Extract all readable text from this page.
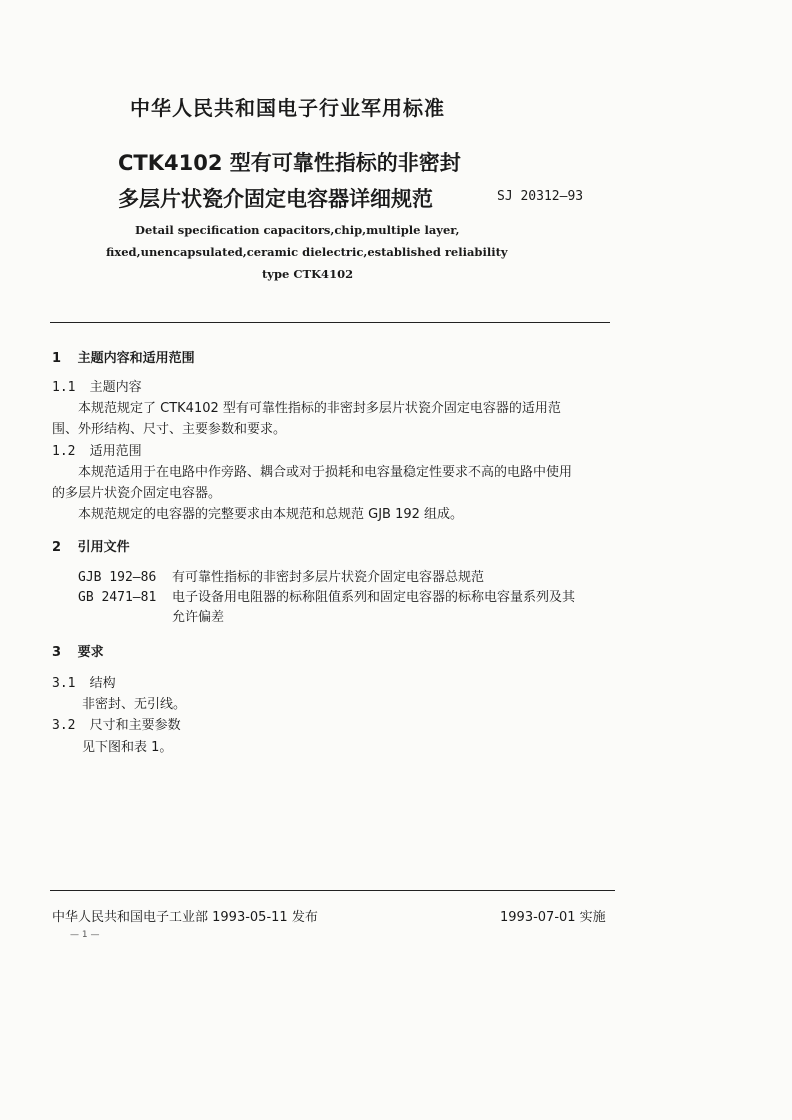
中华人民共和国电子行业军用标准
CTK4102 型有可靠性指标的非密封
多层片状瓷介固定电容器详细规范	SJ 20312—93
Detail specification capacitors,chip,multiple layer,
fixed,unencapsulated,ceramic dielectric,established reliability
type CTK4102
1 主题内容和适用范围
1.1 主题内容
本规范规定了 CTK4102 型有可靠性指标的非密封多层片状瓷介固定电容器的适用范
围、外形结构、尺寸、主要参数和要求。
1.2 适用范围
本规范适用于在电路中作旁路、耦合或对于损耗和电容量稳定性要求不高的电路中使用
的多层片状瓷介固定电容器。
本规范规定的电容器的完整要求由本规范和总规范 GJB 192 组成。
2 引用文件
GJB 192—86 有可靠性指标的非密封多层片状瓷介固定电容器总规范
GB 2471—81 电子设备用电阻器的标称阻值系列和固定电容器的标称电容量系列及其
允许偏差
3 要求
3.1 结构
非密封、无引线。
3.2 尺寸和主要参数
见下图和表 1。
中华人民共和国电子工业部 1993-05-11 发布	1993-07-01 实施
— 1 —
